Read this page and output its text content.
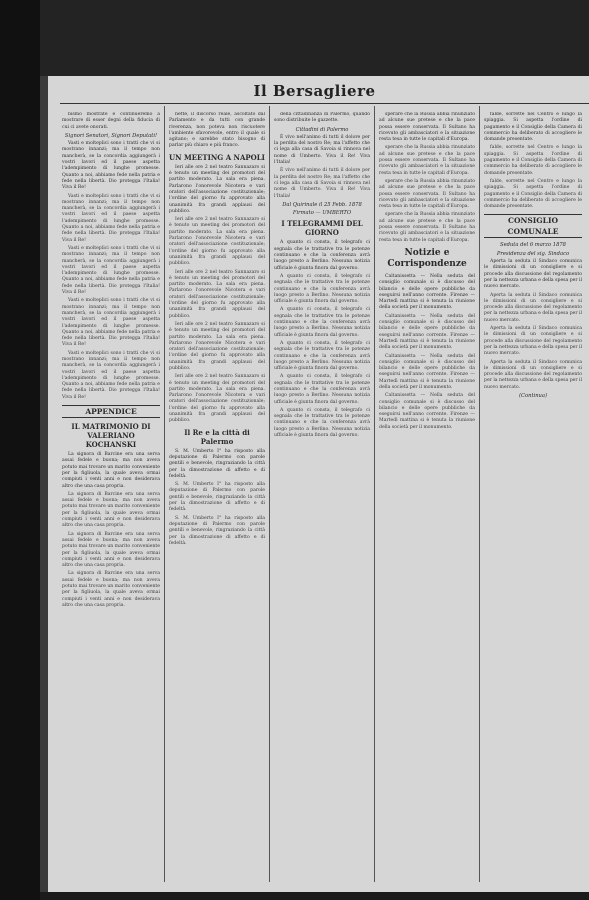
Il Bersagliere

bismo mostrate e continueremo a mostrare di esser degni della fiducia di cui ci avete onorati.

Signori Senatori, Signori Deputati!

Vasti e molteplici sono i tratti che vi si mostrano innanzi; ma il tempo non mancherà, se la concordia aggiungerà i vostri lavori ed il paese aspetta l'adempimento di lunghe promesse. Quanto a noi, abbiamo fede nella patria e fede nella libertà. Dio protegga l'Italia! Viva il Re!

Vasti e molteplici sono i tratti che vi si mostrano innanzi; ma il tempo non mancherà, se la concordia aggiungerà i vostri lavori ed il paese aspetta l'adempimento di lunghe promesse. Quanto a noi, abbiamo fede nella patria e fede nella libertà. Dio protegga l'Italia! Viva il Re!

Vasti e molteplici sono i tratti che vi si mostrano innanzi; ma il tempo non mancherà, se la concordia aggiungerà i vostri lavori ed il paese aspetta l'adempimento di lunghe promesse. Quanto a noi, abbiamo fede nella patria e fede nella libertà. Dio protegga l'Italia! Viva il Re!

Vasti e molteplici sono i tratti che vi si mostrano innanzi; ma il tempo non mancherà, se la concordia aggiungerà i vostri lavori ed il paese aspetta l'adempimento di lunghe promesse. Quanto a noi, abbiamo fede nella patria e fede nella libertà. Dio protegga l'Italia! Viva il Re!

Vasti e molteplici sono i tratti che vi si mostrano innanzi; ma il tempo non mancherà, se la concordia aggiungerà i vostri lavori ed il paese aspetta l'adempimento di lunghe promesse. Quanto a noi, abbiamo fede nella patria e fede nella libertà. Dio protegga l'Italia! Viva il Re!

APPENDICE
IL MATRIMONIO DI VALERIANO KOCHANSKI

La signora di Barcine era una serva assai fedele e buona; ma non aveva potuto mai trovare un marito conveniente per la figliuola, la quale aveva ormai compiuti i venti anni e non desiderava altro che una casa propria.

La signora di Barcine era una serva assai fedele e buona; ma non aveva potuto mai trovare un marito conveniente per la figliuola, la quale aveva ormai compiuti i venti anni e non desiderava altro che una casa propria.

La signora di Barcine era una serva assai fedele e buona; ma non aveva potuto mai trovare un marito conveniente per la figliuola, la quale aveva ormai compiuti i venti anni e non desiderava altro che una casa propria.

La signora di Barcine era una serva assai fedele e buona; ma non aveva potuto mai trovare un marito conveniente per la figliuola, la quale aveva ormai compiuti i venti anni e non desiderava altro che una casa propria.

nette, il discorso reale, ascoltato dal Parlamento e da tutti con grande riverenza, non poteva non riscuotere l'ambiente sfavorevole, entro il quale si agitano; e sarebbe stato bisogno di parlar più chiaro e più franco.

UN MEETING A NAPOLI

Ieri alle ore 2 nel teatro Sannazaro si è tenuto un meeting dei promotori del partito moderato. La sala era piena. Parlarono l'onorevole Nicotera e vari oratori dell'associazione costituzionale; l'ordine del giorno fu approvato alla unanimità fra grandi applausi del pubblico.

Ieri alle ore 2 nel teatro Sannazaro si è tenuto un meeting dei promotori del partito moderato. La sala era piena. Parlarono l'onorevole Nicotera e vari oratori dell'associazione costituzionale; l'ordine del giorno fu approvato alla unanimità fra grandi applausi del pubblico.

Ieri alle ore 2 nel teatro Sannazaro si è tenuto un meeting dei promotori del partito moderato. La sala era piena. Parlarono l'onorevole Nicotera e vari oratori dell'associazione costituzionale; l'ordine del giorno fu approvato alla unanimità fra grandi applausi del pubblico.

Ieri alle ore 2 nel teatro Sannazaro si è tenuto un meeting dei promotori del partito moderato. La sala era piena. Parlarono l'onorevole Nicotera e vari oratori dell'associazione costituzionale; l'ordine del giorno fu approvato alla unanimità fra grandi applausi del pubblico.

Ieri alle ore 2 nel teatro Sannazaro si è tenuto un meeting dei promotori del partito moderato. La sala era piena. Parlarono l'onorevole Nicotera e vari oratori dell'associazione costituzionale; l'ordine del giorno fu approvato alla unanimità fra grandi applausi del pubblico.

Il Re e la città di Palermo

S. M. Umberto I° ha risposto alla deputazione di Palermo con parole gentili e benevole, ringraziando la città per la dimostrazione di affetto e di fedeltà.

S. M. Umberto I° ha risposto alla deputazione di Palermo con parole gentili e benevole, ringraziando la città per la dimostrazione di affetto e di fedeltà.

S. M. Umberto I° ha risposto alla deputazione di Palermo con parole gentili e benevole, ringraziando la città per la dimostrazione di affetto e di fedeltà.

della cittadinanza di Palermo, quando sono distribuite le gazzette.

Cittadini di Palermo

È vivo nell'animo di tutti il dolore per la perdita del nostro Re; ma l'affetto che ci lega alla casa di Savoia si rinnova nel nome di Umberto. Viva il Re! Viva l'Italia!

È vivo nell'animo di tutti il dolore per la perdita del nostro Re; ma l'affetto che ci lega alla casa di Savoia si rinnova nel nome di Umberto. Viva il Re! Viva l'Italia!

Dal Quirinale il 25 Febb. 1878
Firmato — UMBERTO
I TELEGRAMMI DEL GIORNO

A quanto ci consta, il telegrafo ci segnala che le trattative tra le potenze continuano e che la conferenza avrà luogo presto a Berlino. Nessuna notizia ufficiale è giunta finora dal governo.

A quanto ci consta, il telegrafo ci segnala che le trattative tra le potenze continuano e che la conferenza avrà luogo presto a Berlino. Nessuna notizia ufficiale è giunta finora dal governo.

A quanto ci consta, il telegrafo ci segnala che le trattative tra le potenze continuano e che la conferenza avrà luogo presto a Berlino. Nessuna notizia ufficiale è giunta finora dal governo.

A quanto ci consta, il telegrafo ci segnala che le trattative tra le potenze continuano e che la conferenza avrà luogo presto a Berlino. Nessuna notizia ufficiale è giunta finora dal governo.

A quanto ci consta, il telegrafo ci segnala che le trattative tra le potenze continuano e che la conferenza avrà luogo presto a Berlino. Nessuna notizia ufficiale è giunta finora dal governo.

A quanto ci consta, il telegrafo ci segnala che le trattative tra le potenze continuano e che la conferenza avrà luogo presto a Berlino. Nessuna notizia ufficiale è giunta finora dal governo.

sperare che la Russia abbia rinunziato ad alcune sue pretese e che la pace possa essere conservata. Il Sultano ha ricevuto gli ambasciatori e la situazione resta tesa in tutte le capitali d'Europa.

sperare che la Russia abbia rinunziato ad alcune sue pretese e che la pace possa essere conservata. Il Sultano ha ricevuto gli ambasciatori e la situazione resta tesa in tutte le capitali d'Europa.

sperare che la Russia abbia rinunziato ad alcune sue pretese e che la pace possa essere conservata. Il Sultano ha ricevuto gli ambasciatori e la situazione resta tesa in tutte le capitali d'Europa.

sperare che la Russia abbia rinunziato ad alcune sue pretese e che la pace possa essere conservata. Il Sultano ha ricevuto gli ambasciatori e la situazione resta tesa in tutte le capitali d'Europa.

Notizie e Corrispondenze

Caltanissetta — Nella seduta del consiglio comunale si è discusso del bilancio e delle opere pubbliche da eseguirsi nell'anno corrente. Firenze — Martedì mattina si è tenuta la riunione della società per il monumento.

Caltanissetta — Nella seduta del consiglio comunale si è discusso del bilancio e delle opere pubbliche da eseguirsi nell'anno corrente. Firenze — Martedì mattina si è tenuta la riunione della società per il monumento.

Caltanissetta — Nella seduta del consiglio comunale si è discusso del bilancio e delle opere pubbliche da eseguirsi nell'anno corrente. Firenze — Martedì mattina si è tenuta la riunione della società per il monumento.

Caltanissetta — Nella seduta del consiglio comunale si è discusso del bilancio e delle opere pubbliche da eseguirsi nell'anno corrente. Firenze — Martedì mattina si è tenuta la riunione della società per il monumento.

falde, sorrette nel Centro e lungo la spiaggia. Si aspetta l'ordine di pagamento e il Consiglio della Camera di commercio ha deliberato di accogliere le domande presentate.

falde, sorrette nel Centro e lungo la spiaggia. Si aspetta l'ordine di pagamento e il Consiglio della Camera di commercio ha deliberato di accogliere le domande presentate.

falde, sorrette nel Centro e lungo la spiaggia. Si aspetta l'ordine di pagamento e il Consiglio della Camera di commercio ha deliberato di accogliere le domande presentate.

CONSIGLIO COMUNALE
Seduta del 6 marzo 1878
Presidenza del sig. Sindaco

Aperta la seduta il Sindaco comunica le dimissioni di un consigliere e si procede alla discussione del regolamento per la nettezza urbana e della spesa per il nuovo mercato.

Aperta la seduta il Sindaco comunica le dimissioni di un consigliere e si procede alla discussione del regolamento per la nettezza urbana e della spesa per il nuovo mercato.

Aperta la seduta il Sindaco comunica le dimissioni di un consigliere e si procede alla discussione del regolamento per la nettezza urbana e della spesa per il nuovo mercato.

Aperta la seduta il Sindaco comunica le dimissioni di un consigliere e si procede alla discussione del regolamento per la nettezza urbana e della spesa per il nuovo mercato.

(Continua)
